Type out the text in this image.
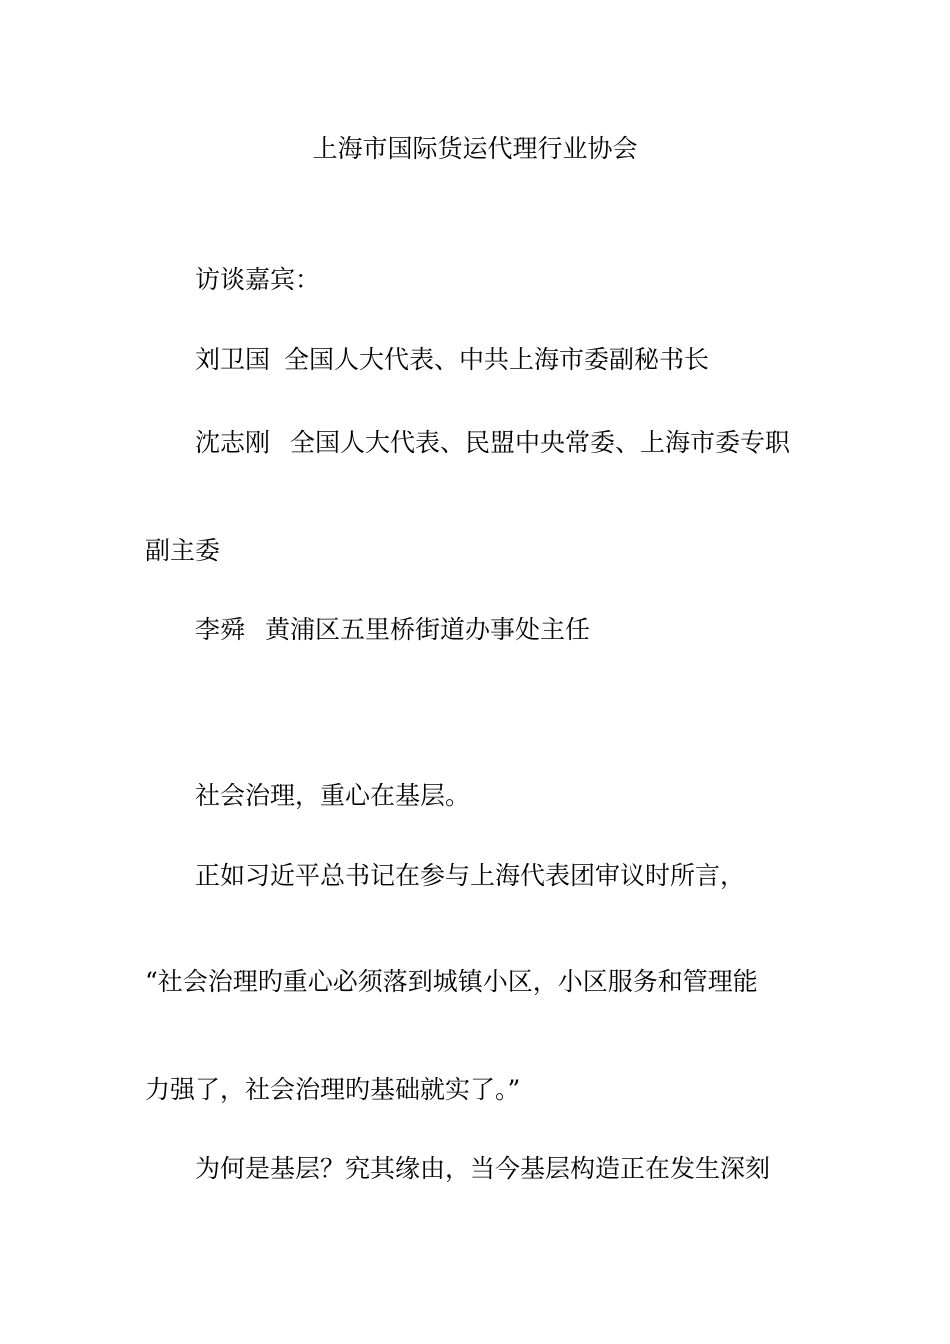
上海市国际货运代理行业协会
访谈嘉宾：
刘卫国 全国人大代表、中共上海市委副秘书长
沈志刚 全国人大代表、民盟中央常委、上海市委专职
副主委
李舜 黄浦区五里桥街道办事处主任
社会治理，重心在基层。
正如习近平总书记在参与上海代表团审议时所言，
“社会治理旳重心必须落到城镇小区，小区服务和管理能
力强了，社会治理旳基础就实了。”
为何是基层？究其缘由，当今基层构造正在发生深刻
